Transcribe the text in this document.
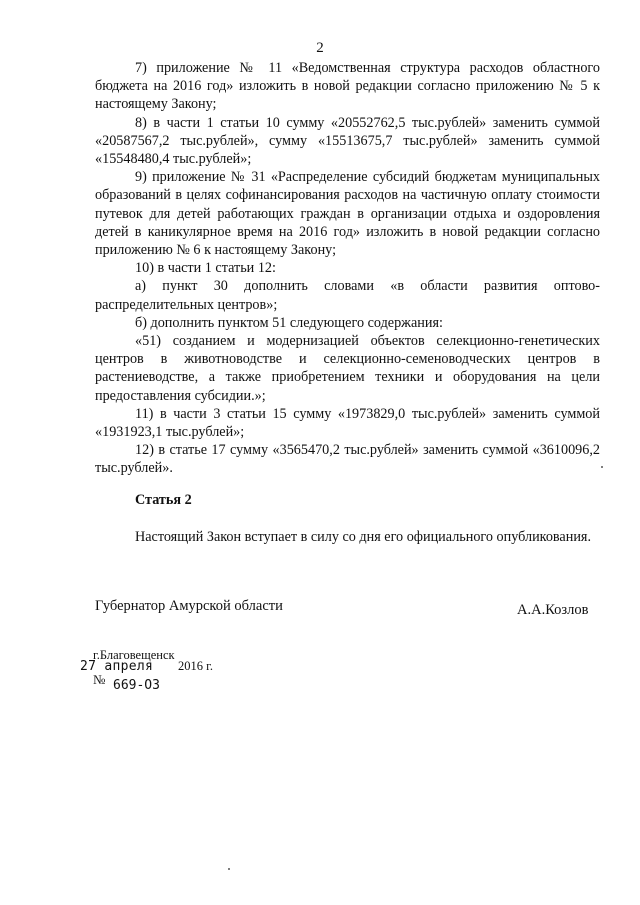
2

7) приложение № 11 «Ведомственная структура расходов областного бюджета на 2016 год» изложить в новой редакции согласно приложению № 5 к настоящему Закону;

8) в части 1 статьи 10 сумму «20552762,5 тыс.рублей» заменить суммой «20587567,2 тыс.рублей», сумму «15513675,7 тыс.рублей» заменить суммой «15548480,4 тыс.рублей»;

9) приложение № 31 «Распределение субсидий бюджетам муниципальных образований в целях софинансирования расходов на частичную оплату стоимости путевок для детей работающих граждан в организации отдыха и оздоровления детей в каникулярное время на 2016 год» изложить в новой редакции согласно приложению № 6 к настоящему Закону;

10) в части 1 статьи 12:

а) пункт 30 дополнить словами «в области развития оптово-распределительных центров»;

б) дополнить пунктом 51 следующего содержания:

«51) созданием и модернизацией объектов селекционно-генетических центров в животноводстве и селекционно-семеноводческих центров в растениеводстве, а также приобретением техники и оборудования на цели предоставления субсидии.»;

11) в части 3 статьи 15 сумму «1973829,0 тыс.рублей» заменить суммой «1931923,1 тыс.рублей»;

12) в статье 17 сумму «3565470,2 тыс.рублей» заменить суммой «3610096,2 тыс.рублей».

Статья 2
Настоящий Закон вступает в силу со дня его официального опубликования.
Губернатор Амурской области	А.А.Козлов
г.Благовещенск
27 апреля 2016 г.
№ 669-ОЗ
